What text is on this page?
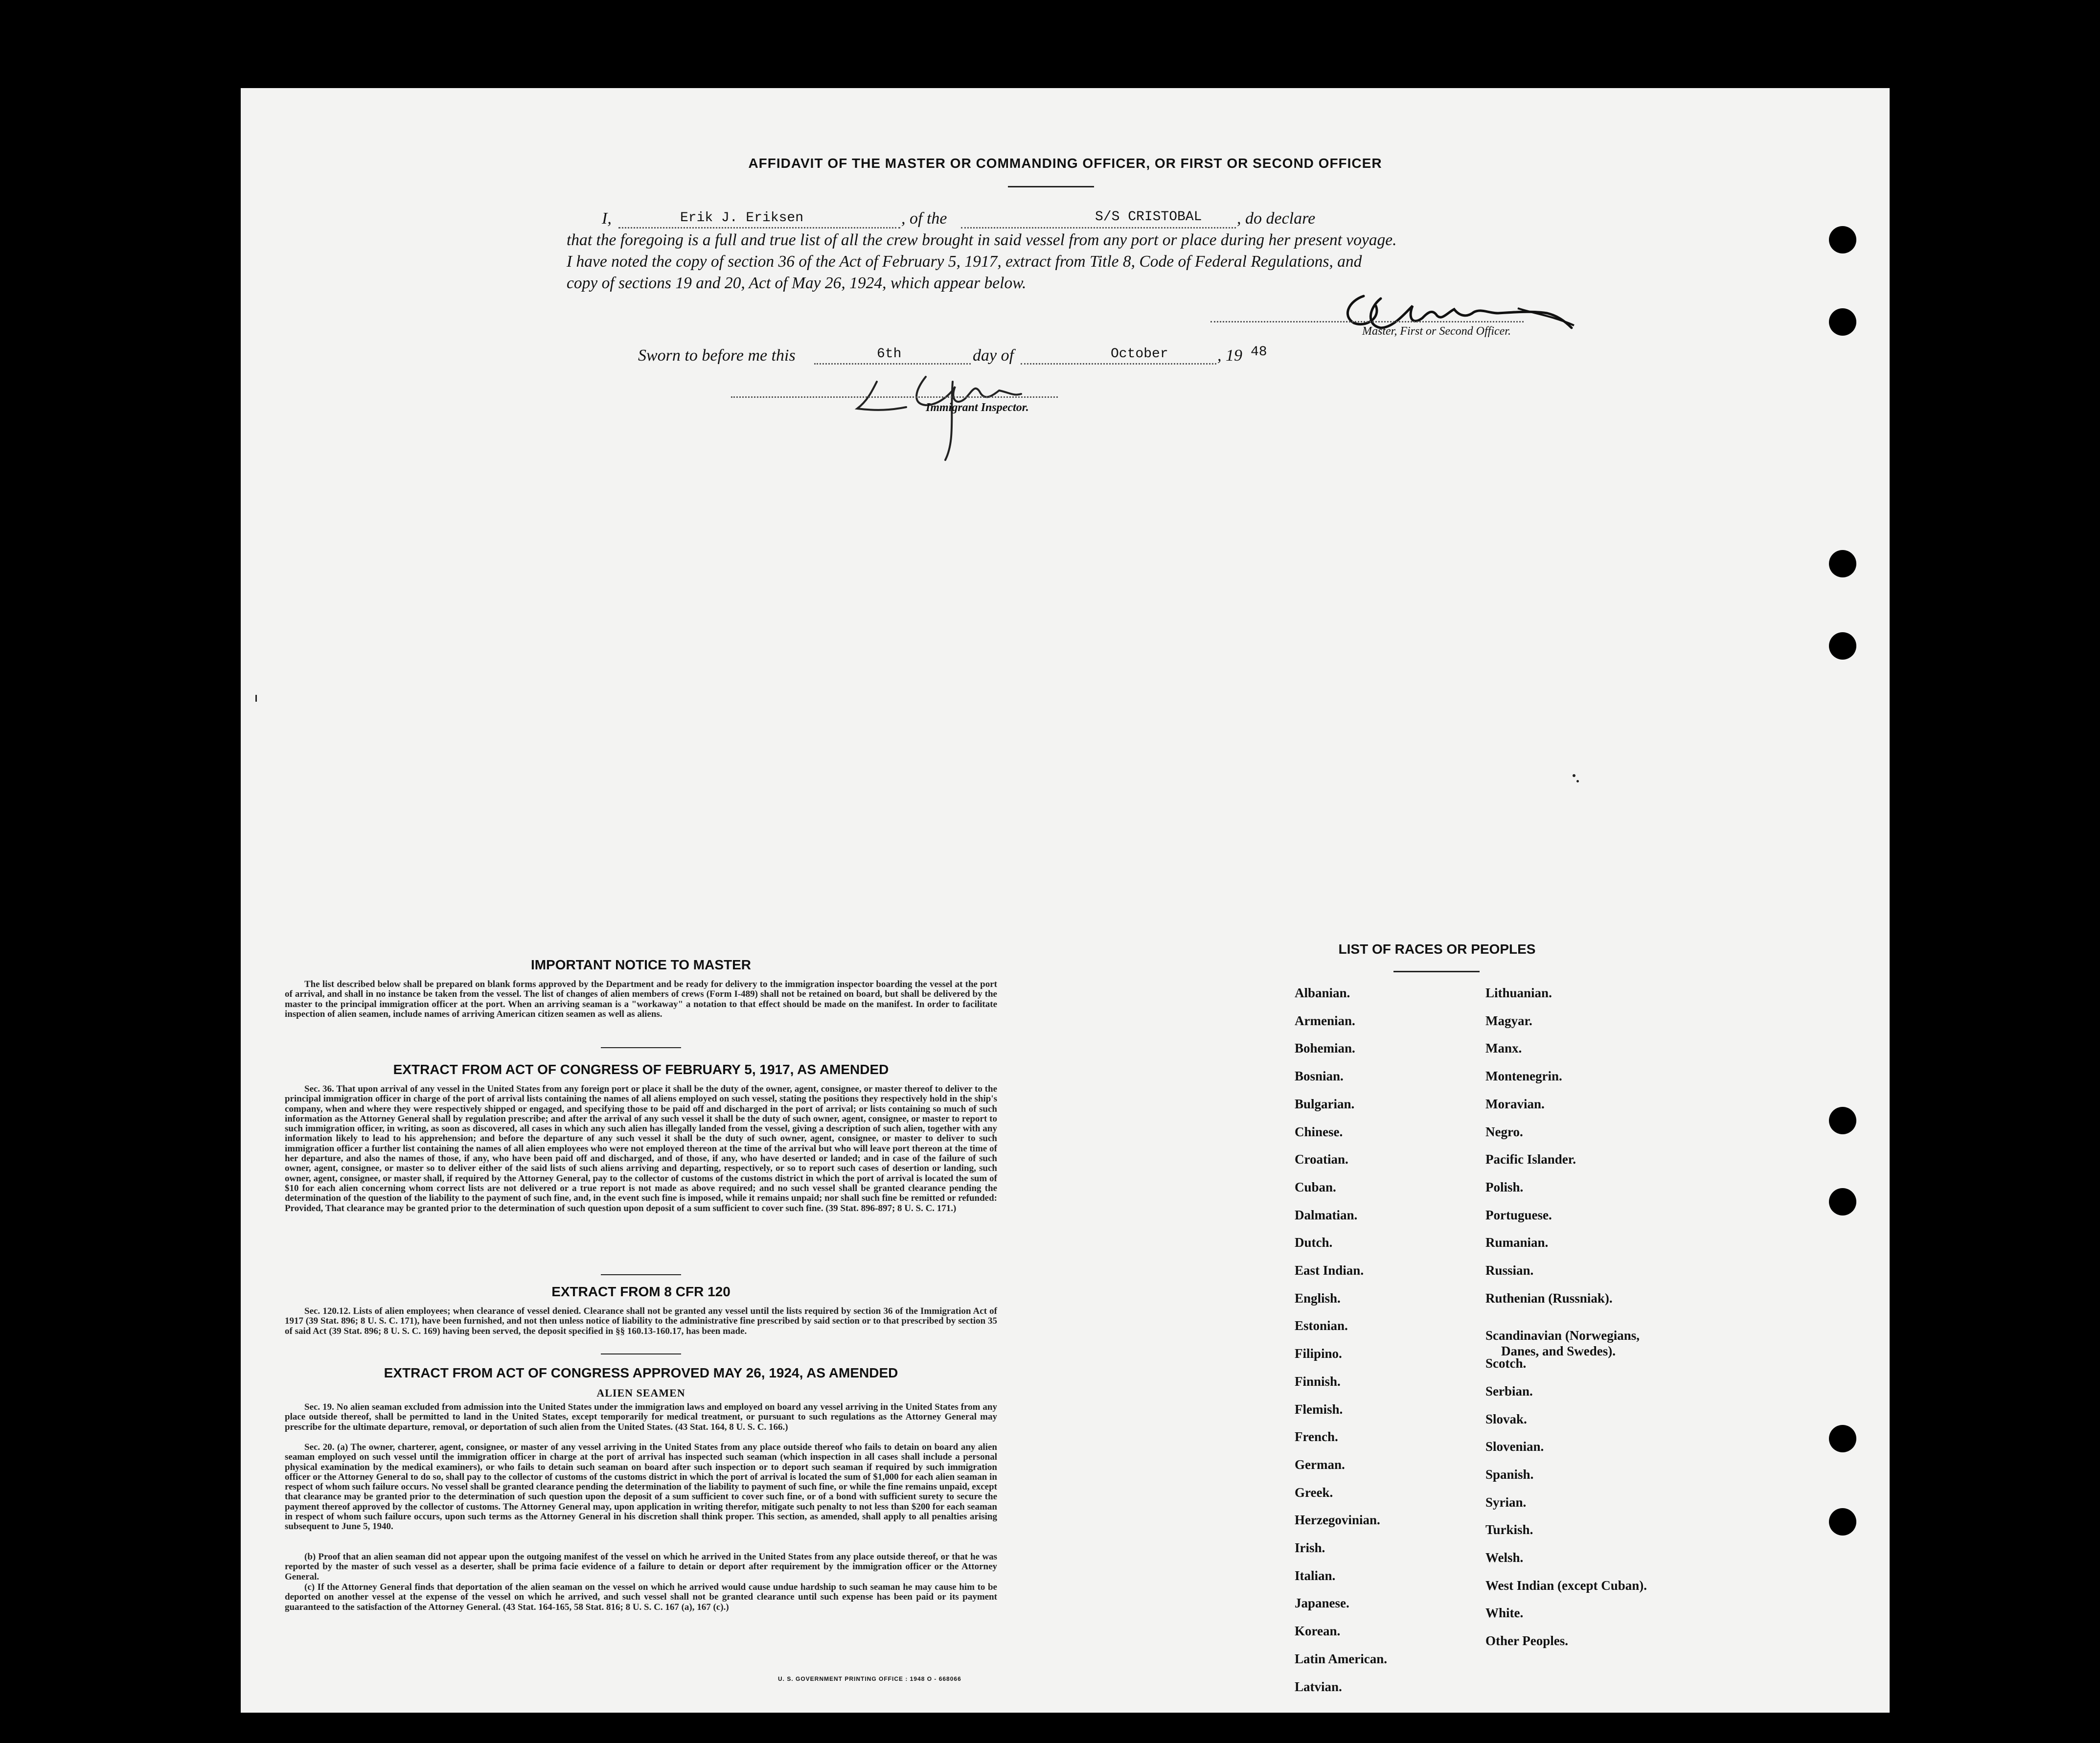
AFFIDAVIT OF THE MASTER OR COMMANDING OFFICER, OR FIRST OR SECOND OFFICER
I,	Erik J. Eriksen	, of the	S/S CRISTOBAL , do declare
that the foregoing is a full and true list of all the crew brought in said vessel from any port or place during her present voyage.
I have noted the copy of section 36 of the Act of February 5, 1917, extract from Title 8, Code of Federal Regulations, and
copy of sections 19 and 20, Act of May 26, 1924, which appear below.
Master, First or Second Officer.
Sworn to before me this	6th	day of	October	, 19 48
Immigrant Inspector.
IMPORTANT NOTICE TO MASTER
The list described below shall be prepared on blank forms approved by the Department and be ready for delivery to the immigration inspector boarding the vessel at the port of arrival, and shall in no instance be taken from the vessel. The list of changes of alien members of crews (Form I-489) shall not be retained on board, but shall be delivered by the master to the principal immigration officer at the port. When an arriving seaman is a "workaway" a notation to that effect should be made on the manifest. In order to facilitate inspection of alien seamen, include names of arriving American citizen seamen as well as aliens.
EXTRACT FROM ACT OF CONGRESS OF FEBRUARY 5, 1917, AS AMENDED
Sec. 36. That upon arrival of any vessel in the United States from any foreign port or place it shall be the duty of the owner, agent, consignee, or master thereof to deliver to the principal immigration officer in charge of the port of arrival lists containing the names of all aliens employed on such vessel, stating the positions they respectively hold in the ship's company, when and where they were respectively shipped or engaged, and specifying those to be paid off and discharged in the port of arrival; or lists containing so much of such information as the Attorney General shall by regulation prescribe; and after the arrival of any such vessel it shall be the duty of such owner, agent, consignee, or master to report to such immigration officer, in writing, as soon as discovered, all cases in which any such alien has illegally landed from the vessel, giving a description of such alien, together with any information likely to lead to his apprehension; and before the departure of any such vessel it shall be the duty of such owner, agent, consignee, or master to deliver to such immigration officer a further list containing the names of all alien employees who were not employed thereon at the time of the arrival but who will leave port thereon at the time of her departure, and also the names of those, if any, who have been paid off and discharged, and of those, if any, who have deserted or landed; and in case of the failure of such owner, agent, consignee, or master so to deliver either of the said lists of such aliens arriving and departing, respectively, or so to report such cases of desertion or landing, such owner, agent, consignee, or master shall, if required by the Attorney General, pay to the collector of customs of the customs district in which the port of arrival is located the sum of $10 for each alien concerning whom correct lists are not delivered or a true report is not made as above required; and no such vessel shall be granted clearance pending the determination of the question of the liability to the payment of such fine, and, in the event such fine is imposed, while it remains unpaid; nor shall such fine be remitted or refunded: Provided, That clearance may be granted prior to the determination of such question upon deposit of a sum sufficient to cover such fine. (39 Stat. 896-897; 8 U. S. C. 171.)
EXTRACT FROM 8 CFR 120
Sec. 120.12. Lists of alien employees; when clearance of vessel denied. Clearance shall not be granted any vessel until the lists required by section 36 of the Immigration Act of 1917 (39 Stat. 896; 8 U. S. C. 171), have been furnished, and not then unless notice of liability to the administrative fine prescribed by said section or to that prescribed by section 35 of said Act (39 Stat. 896; 8 U. S. C. 169) having been served, the deposit specified in §§ 160.13-160.17, has been made.
EXTRACT FROM ACT OF CONGRESS APPROVED MAY 26, 1924, AS AMENDED
ALIEN SEAMEN
Sec. 19. No alien seaman excluded from admission into the United States under the immigration laws and employed on board any vessel arriving in the United States from any place outside thereof, shall be permitted to land in the United States, except temporarily for medical treatment, or pursuant to such regulations as the Attorney General may prescribe for the ultimate departure, removal, or deportation of such alien from the United States. (43 Stat. 164, 8 U. S. C. 166.)
Sec. 20. (a) The owner, charterer, agent, consignee, or master of any vessel arriving in the United States from any place outside thereof who fails to detain on board any alien seaman employed on such vessel until the immigration officer in charge at the port of arrival has inspected such seaman (which inspection in all cases shall include a personal physical examination by the medical examiners), or who fails to detain such seaman on board after such inspection or to deport such seaman if required by such immigration officer or the Attorney General to do so, shall pay to the collector of customs of the customs district in which the port of arrival is located the sum of $1,000 for each alien seaman in respect of whom such failure occurs. No vessel shall be granted clearance pending the determination of the liability to payment of such fine, or while the fine remains unpaid, except that clearance may be granted prior to the determination of such question upon the deposit of a sum sufficient to cover such fine, or of a bond with sufficient surety to secure the payment thereof approved by the collector of customs. The Attorney General may, upon application in writing therefor, mitigate such penalty to not less than $200 for each seaman in respect of whom such failure occurs, upon such terms as the Attorney General in his discretion shall think proper. This section, as amended, shall apply to all penalties arising subsequent to June 5, 1940.
(b) Proof that an alien seaman did not appear upon the outgoing manifest of the vessel on which he arrived in the United States from any place outside thereof, or that he was reported by the master of such vessel as a deserter, shall be prima facie evidence of a failure to detain or deport after requirement by the immigration officer or the Attorney General.
(c) If the Attorney General finds that deportation of the alien seaman on the vessel on which he arrived would cause undue hardship to such seaman he may cause him to be deported on another vessel at the expense of the vessel on which he arrived, and such vessel shall not be granted clearance until such expense has been paid or its payment guaranteed to the satisfaction of the Attorney General. (43 Stat. 164-165, 58 Stat. 816; 8 U. S. C. 167 (a), 167 (c).)
U. S. GOVERNMENT PRINTING OFFICE : 1948 O - 668066
LIST OF RACES OR PEOPLES
Albanian.
Armenian.
Bohemian.
Bosnian.
Bulgarian.
Chinese.
Croatian.
Cuban.
Dalmatian.
Dutch.
East Indian.
English.
Estonian.
Filipino.
Finnish.
Flemish.
French.
German.
Greek.
Herzegovinian.
Irish.
Italian.
Japanese.
Korean.
Latin American.
Latvian.
Lithuanian.
Magyar.
Manx.
Montenegrin.
Moravian.
Negro.
Pacific Islander.
Polish.
Portuguese.
Rumanian.
Russian.
Ruthenian (Russniak).
Scandinavian (Norwegians,
Danes, and Swedes).
Scotch.
Serbian.
Slovak.
Slovenian.
Spanish.
Syrian.
Turkish.
Welsh.
West Indian (except Cuban).
White.
Other Peoples.
